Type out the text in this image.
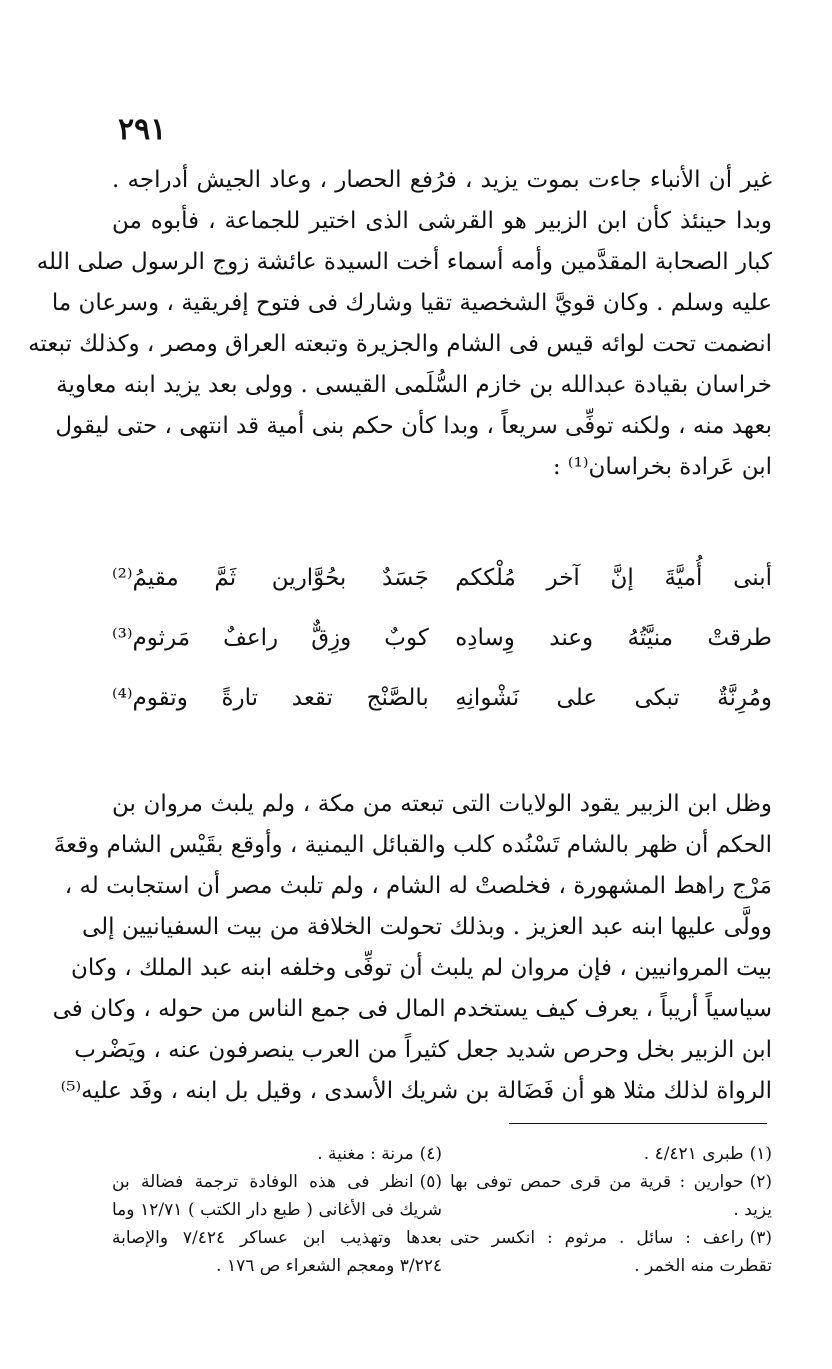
٢٩١
غير أن الأنباء جاءت بموت يزيد ، فرُفع الحصار ، وعاد الجيش أدراجه .
وبدا حينئذ كأن ابن الزبير هو القرشى الذى اختير للجماعة ، فأبوه من
كبار الصحابة المقدَّمين وأمه أسماء أخت السيدة عائشة زوج الرسول صلى الله
عليه وسلم . وكان قويَّ الشخصية تقيا وشارك فى فتوح إفريقية ، وسرعان ما
انضمت تحت لوائه قيس فى الشام والجزيرة وتبعته العراق ومصر ، وكذلك تبعته
خراسان بقيادة عبدالله بن خازم السُّلَمى القيسى . وولى بعد يزيد ابنه معاوية
بعهد منه ، ولكنه توفِّى سريعاً ، وبدا كأن حكم بنى أمية قد انتهى ، حتى ليقول
ابن عَرادة بخراسان⁽¹⁾ :
أبنى أُميَّةَ إنَّ آخر مُلْككم
جَسَدٌ بحُوَّارين ثَمَّ مقيمُ⁽²⁾
طرقتْ منيَّتُهُ وعند وِسادِه
كوبٌ وزِقٌّ راعفٌ مَرثوم⁽³⁾
ومُرِنَّةٌ تبكى على نَشْوانِهِ
بالصَّنْج تقعد تارةً وتقوم⁽⁴⁾
وظل ابن الزبير يقود الولايات التى تبعته من مكة ، ولم يلبث مروان بن
الحكم أن ظهر بالشام تَسْنُده كلب والقبائل اليمنية ، وأوقع بقَيْس الشام وقعةَ
مَرْج راهط المشهورة ، فخلصتْ له الشام ، ولم تلبث مصر أن استجابت له ،
وولَّى عليها ابنه عبد العزيز . وبذلك تحولت الخلافة من بيت السفيانيين إلى
بيت المروانيين ، فإن مروان لم يلبث أن توفِّى وخلفه ابنه عبد الملك ، وكان
سياسياً أريباً ، يعرف كيف يستخدم المال فى جمع الناس من حوله ، وكان فى
ابن الزبير بخل وحرص شديد جعل كثيراً من العرب ينصرفون عنه ، ويَضْرب
الرواة لذلك مثلا هو أن فَضَالة بن شريك الأسدى ، وقيل بل ابنه ، وفَد عليه⁽⁵⁾
(١)طبرى ٤/٤٢١ .
(٢)حوارين : قرية من قرى حمص توفى بها يزيد .
(٣)راعف : سائل . مرثوم : انكسر حتى تقطرت منه الخمر .
(٤)مرنة : مغنية .
(٥)انظر فى هذه الوفادة ترجمة فضالة بن شريك فى الأغانى ( طبع دار الكتب ) ١٢/٧١ وما بعدها وتهذيب ابن عساكر ٧/٤٢٤ والإصابة ٣/٢٢٤ ومعجم الشعراء ص ١٧٦ .
